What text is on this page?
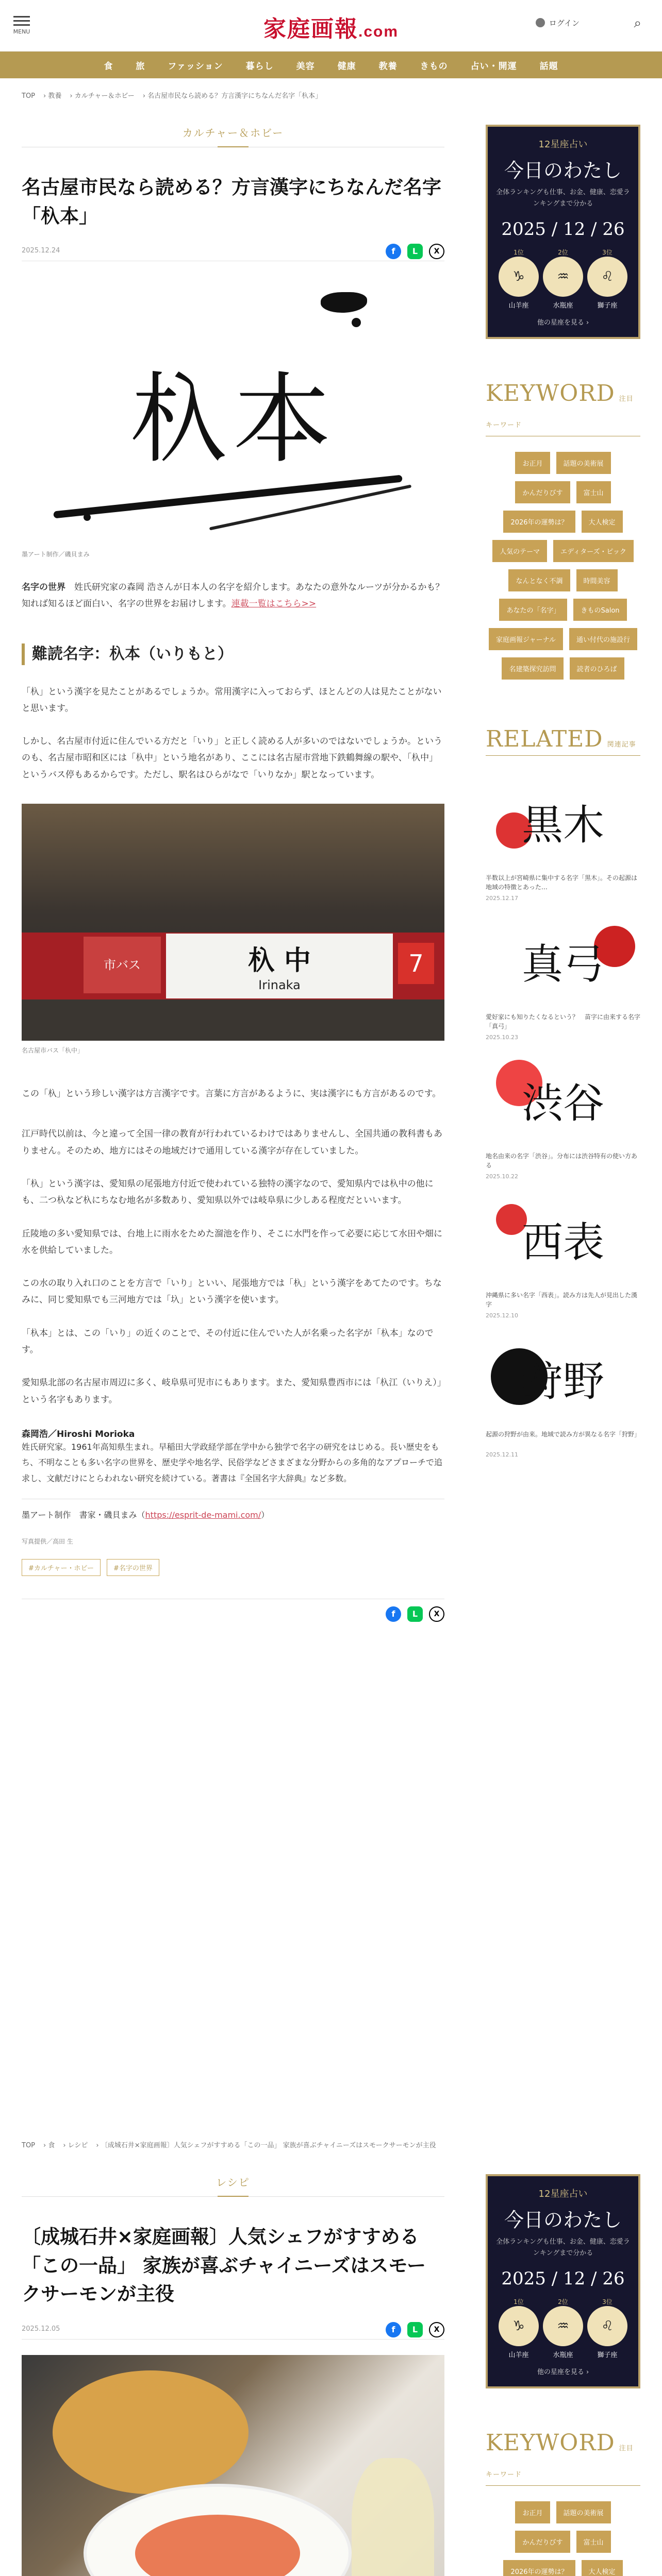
MENU	家庭画報.com	ログイン	⌕
食	旅	ファッション	暮らし	美容	健康	教養	きもの	占い・開運	話題
TOP › 教養 › カルチャー＆ホビー › 名古屋市民なら読める？方言漢字にちなんだ名字「杁本」
カルチャー＆ホビー
名古屋市民なら読める？方言漢字にちなんだ名字「杁本」
2025.12.24	f	L	X
杁本
墨アート制作／磯貝まみ

名字の世界　 姓氏研究家の森岡 浩さんが日本人の名字を紹介します。あなたの意外なルーツが分かるかも？知れば知るほど面白い、名字の世界をお届けします。連載一覧はこちら>>

難読名字：杁本（いりもと）

「杁」という漢字を見たことがあるでしょうか。常用漢字に入っておらず、ほとんどの人は見たことがないと思います。

しかし、名古屋市付近に住んでいる方だと「いり」と正しく読める人が多いのではないでしょうか。というのも、名古屋市昭和区には「杁中」という地名があり、ここには名古屋市営地下鉄鶴舞線の駅や、「杁中」というバス停もあるからです。ただし、駅名はひらがなで「いりなか」駅となっています。

市バス	杁 中
Irinaka
7
名古屋市バス「杁中」

この「杁」という珍しい漢字は方言漢字です。言葉に方言があるように、実は漢字にも方言があるのです。

江戸時代以前は、今と違って全国一律の教育が行われているわけではありませんし、全国共通の教科書もありません。そのため、地方にはその地域だけで通用している漢字が存在していました。

「杁」という漢字は、愛知県の尾張地方付近で使われている独特の漢字なので、愛知県内では杁中の他にも、二つ杁など杁にちなむ地名が多数あり、愛知県以外では岐阜県に少しある程度だといいます。

丘陵地の多い愛知県では、台地上に雨水をためた溜池を作り、そこに水門を作って必要に応じて水田や畑に水を供給していました。

この水の取り入れ口のことを方言で「いり」といい、尾張地方では「杁」という漢字をあてたのです。ちなみに、同じ愛知県でも三河地方では「圦」という漢字を使います。

「杁本」とは、この「いり」の近くのことで、その付近に住んでいた人が名乗った名字が「杁本」なのです。

愛知県北部の名古屋市周辺に多く、岐阜県可児市にもあります。また、愛知県豊西市には「杁江（いりえ）」という名字もあります。

森岡浩／Hiroshi Morioka

姓氏研究家。1961年高知県生まれ。早稲田大学政経学部在学中から独学で名字の研究をはじめる。長い歴史をもち、不明なことも多い名字の世界を、歴史学や地名学、民俗学などさまざまな分野からの多角的なアプローチで追求し、文献だけにとらわれない研究を続けている。著書は『全国名字大辞典』など多数。

墨アート制作　書家・磯貝まみ（https://esprit-de-mami.com/）

写真提供／高田 生
#カルチャー・ホビー	#名字の世界
f	L	X
12星座占い
今日のわたし
全体ランキングも仕事、お金、健康、恋愛ランキングまで分かる
2025 / 12 / 26
1位
♑
山羊座
2位
♒
水瓶座
3位
♌
獅子座
他の星座を見る ›
KEYWORD 注目キーワード
お正月	話題の美術展
かんだりびす	富士山
2026年の運勢は？	大人検定
人気のテーマ	エディターズ・ピック
なんとなく不調	時間美容
あなたの「名字」	きものSalon
家庭画報ジャーナル	通い付代の施設行
名建築探究訪問	読者のひろば
RELATED 関連記事
黒木
半数以上が宮崎県に集中する名字「黒木」。その起源は地域の特徴とあった…
2025.12.17
真弓
愛好家にも知りたくなるという？　苗字に由来する名字「真弓」
2025.10.23
渋谷
地名由来の名字「渋谷」。分布には渋谷特有の使い方ある
2025.10.22
西表
沖縄県に多い名字「西表」。読み方は先人が見出した漢字
2025.12.10
狩野
起源の狩野が由来。地域で読み方が異なる名字「狩野」
2025.12.11
TOP › 食 › レシピ › 〔成城石井×家庭画報〕人気シェフがすすめる「この一品」 家族が喜ぶチャイニーズはスモークサーモンが主役
レシピ
〔成城石井×家庭画報〕人気シェフがすすめる「この一品」 家族が喜ぶチャイニーズはスモークサーモンが主役
2025.12.05	f	L	X
12星座占い
今日のわたし
全体ランキングも仕事、お金、健康、恋愛ランキングまで分かる
2025 / 12 / 26
1位
♑
山羊座
2位
♒
水瓶座
3位
♌
獅子座
他の星座を見る ›
KEYWORD 注目キーワード
お正月	話題の美術展
かんだりびす	富士山
2026年の運勢は？	大人検定
